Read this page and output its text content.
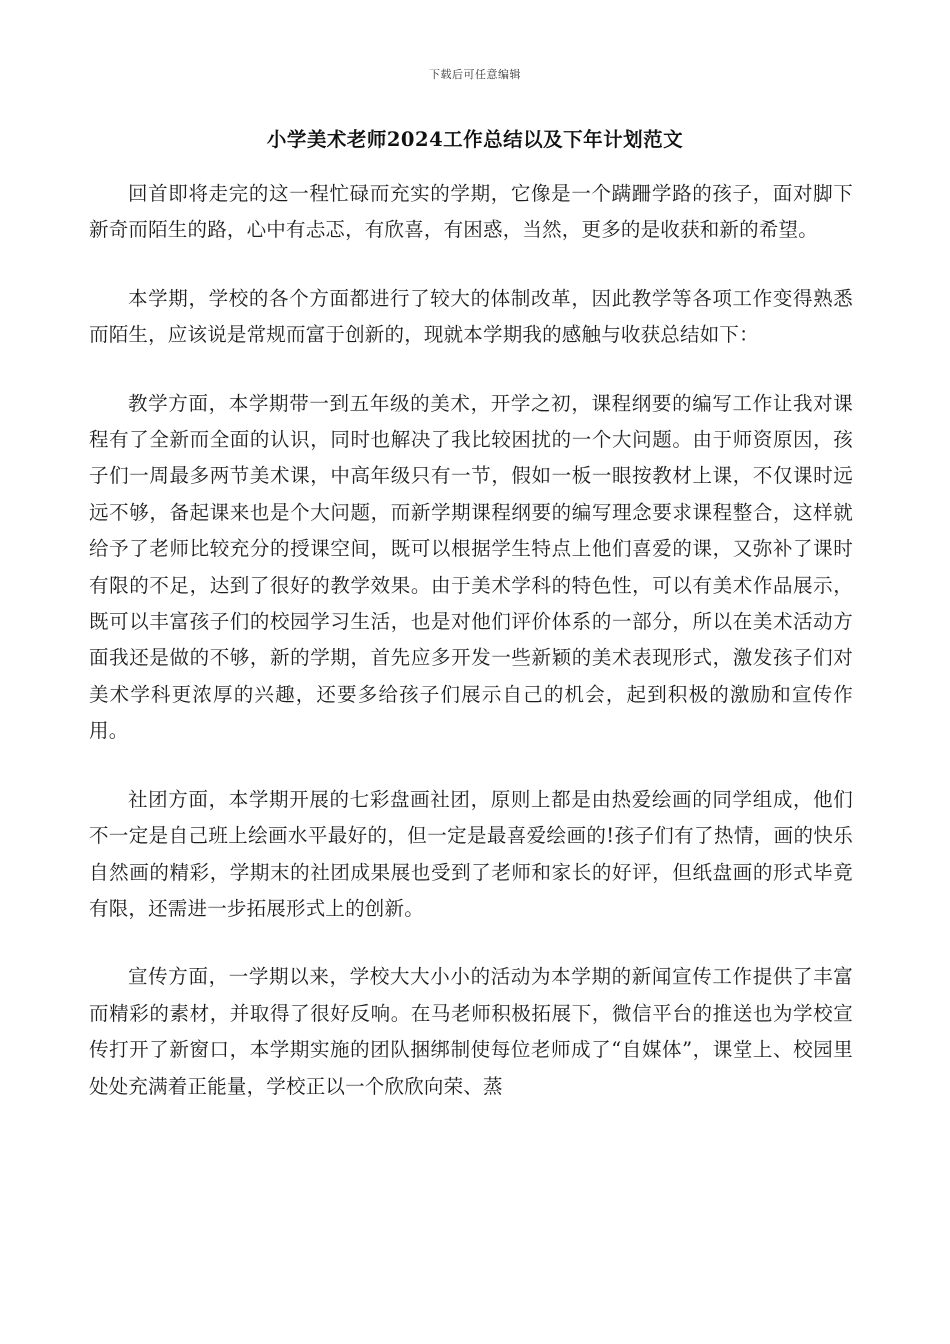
下载后可任意编辑
小学美术老师2024工作总结以及下年计划范文

回首即将走完的这一程忙碌而充实的学期，它像是一个蹒跚学路的孩子，面对脚下新奇而陌生的路，心中有忐忑，有欣喜，有困惑，当然，更多的是收获和新的希望。

本学期，学校的各个方面都进行了较大的体制改革，因此教学等各项工作变得熟悉而陌生，应该说是常规而富于创新的，现就本学期我的感触与收获总结如下：

教学方面，本学期带一到五年级的美术，开学之初，课程纲要的编写工作让我对课程有了全新而全面的认识，同时也解决了我比较困扰的一个大问题。由于师资原因，孩子们一周最多两节美术课，中高年级只有一节，假如一板一眼按教材上课，不仅课时远远不够，备起课来也是个大问题，而新学期课程纲要的编写理念要求课程整合，这样就给予了老师比较充分的授课空间，既可以根据学生特点上他们喜爱的课，又弥补了课时有限的不足，达到了很好的教学效果。由于美术学科的特色性，可以有美术作品展示，既可以丰富孩子们的校园学习生活，也是对他们评价体系的一部分，所以在美术活动方面我还是做的不够，新的学期，首先应多开发一些新颖的美术表现形式，激发孩子们对美术学科更浓厚的兴趣，还要多给孩子们展示自己的机会，起到积极的激励和宣传作用。

社团方面，本学期开展的七彩盘画社团，原则上都是由热爱绘画的同学组成，他们不一定是自己班上绘画水平最好的，但一定是最喜爱绘画的!孩子们有了热情，画的快乐自然画的精彩，学期末的社团成果展也受到了老师和家长的好评，但纸盘画的形式毕竟有限，还需进一步拓展形式上的创新。

宣传方面，一学期以来，学校大大小小的活动为本学期的新闻宣传工作提供了丰富而精彩的素材，并取得了很好反响。在马老师积极拓展下，微信平台的推送也为学校宣传打开了新窗口，本学期实施的团队捆绑制使每位老师成了“自媒体”，课堂上、校园里处处充满着正能量，学校正以一个欣欣向荣、蒸
